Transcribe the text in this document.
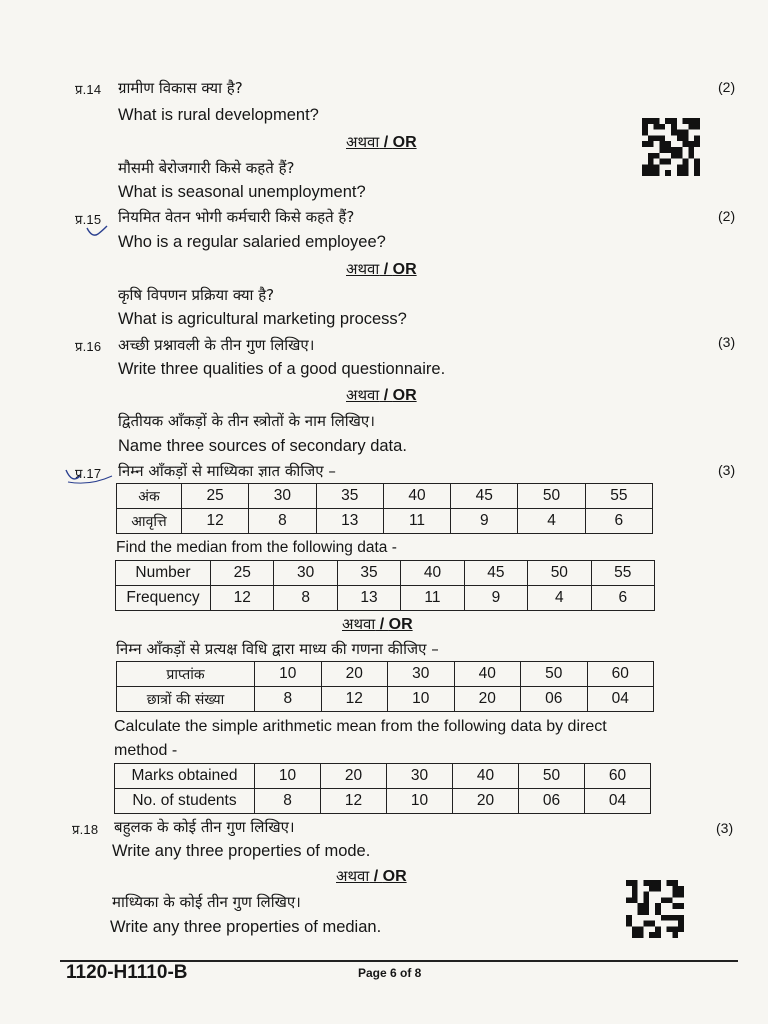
प्र.14 ग्रामीण विकास क्या है?	(2)
What is rural development?
अथवा / OR
मौसमी बेरोजगारी किसे कहते हैं?
What is seasonal unemployment?
प्र.15 नियमित वेतन भोगी कर्मचारी किसे कहते हैं?	(2)
Who is a regular salaried employee?
अथवा / OR
कृषि विपणन प्रक्रिया क्या है?
What is agricultural marketing process?
प्र.16 अच्छी प्रश्नावली के तीन गुण लिखिए।	(3)
Write three qualities of a good questionnaire.
अथवा / OR
द्वितीयक आँकड़ों के तीन स्त्रोतों के नाम लिखिए।
Name three sources of secondary data.
प्र.17 निम्न आँकड़ों से माध्यिका ज्ञात कीजिए –	(3)
अंक	25	30	35	40	45	50	55
आवृत्ति	12	8	13	11	9	4	6
Find the median from the following data -
Number	25	30	35	40	45	50	55
Frequency	12	8	13	11	9	4	6
अथवा / OR
निम्न आँकड़ों से प्रत्यक्ष विधि द्वारा माध्य की गणना कीजिए –
प्राप्तांक	10	20	30	40	50	60
छात्रों की संख्या	8	12	10	20	06	04
Calculate the simple arithmetic mean from the following data by direct
method -
Marks obtained	10	20	30	40	50	60
No. of students	8	12	10	20	06	04
प्र.18 बहुलक के कोई तीन गुण लिखिए।	(3)
Write any three properties of mode.
अथवा / OR
माध्यिका के कोई तीन गुण लिखिए।
Write any three properties of median.
1120-H1110-B	Page 6 of 8
